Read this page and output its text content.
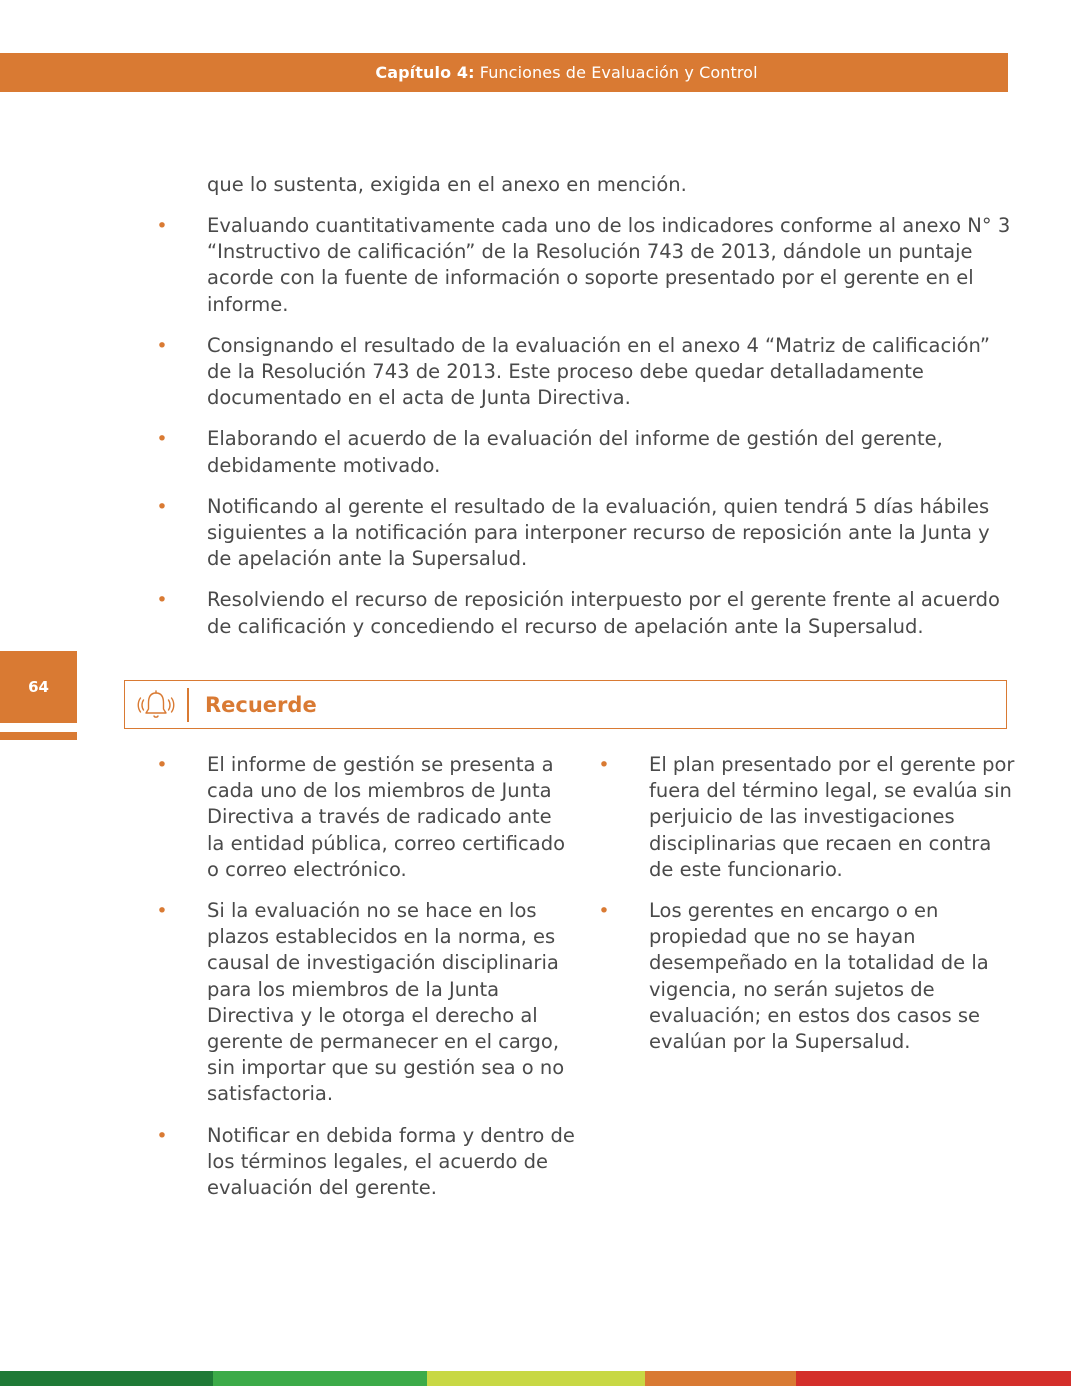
Capítulo 4: Funciones de Evaluación y Control
que lo sustenta, exigida en el anexo en mención.
• Evaluando cuantitativamente cada uno de los indicadores conforme al anexo N° 3 “Instructivo de calificación” de la Resolución 743 de 2013, dándole un puntaje acorde con la fuente de información o soporte presentado por el gerente en el informe.
• Consignando el resultado de la evaluación en el anexo 4 “Matriz de calificación” de la Resolución 743 de 2013. Este proceso debe quedar detalladamente documentado en el acta de Junta Directiva.
• Elaborando el acuerdo de la evaluación del informe de gestión del gerente, debidamente motivado.
• Notificando al gerente el resultado de la evaluación, quien tendrá 5 días hábiles siguientes a la notificación para interponer recurso de reposición ante la Junta y de apelación ante la Supersalud.
• Resolviendo el recurso de reposición interpuesto por el gerente frente al acuerdo de calificación y concediendo el recurso de apelación ante la Supersalud.
64
Recuerde
• El informe de gestión se presenta a cada uno de los miembros de Junta Directiva a través de radicado ante la entidad pública, correo certificado o correo electrónico.
• Si la evaluación no se hace en los plazos establecidos en la norma, es causal de investigación disciplinaria para los miembros de la Junta Directiva y le otorga el derecho al gerente de permanecer en el cargo, sin importar que su gestión sea o no satisfactoria.
• Notificar en debida forma y dentro de los términos legales, el acuerdo de evaluación del gerente.
• El plan presentado por el gerente por fuera del término legal, se evalúa sin perjuicio de las investigaciones disciplinarias que recaen en contra de este funcionario.
• Los gerentes en encargo o en propiedad que no se hayan desempeñado en la totalidad de la vigencia, no serán sujetos de evaluación; en estos dos casos se evalúan por la Supersalud.
